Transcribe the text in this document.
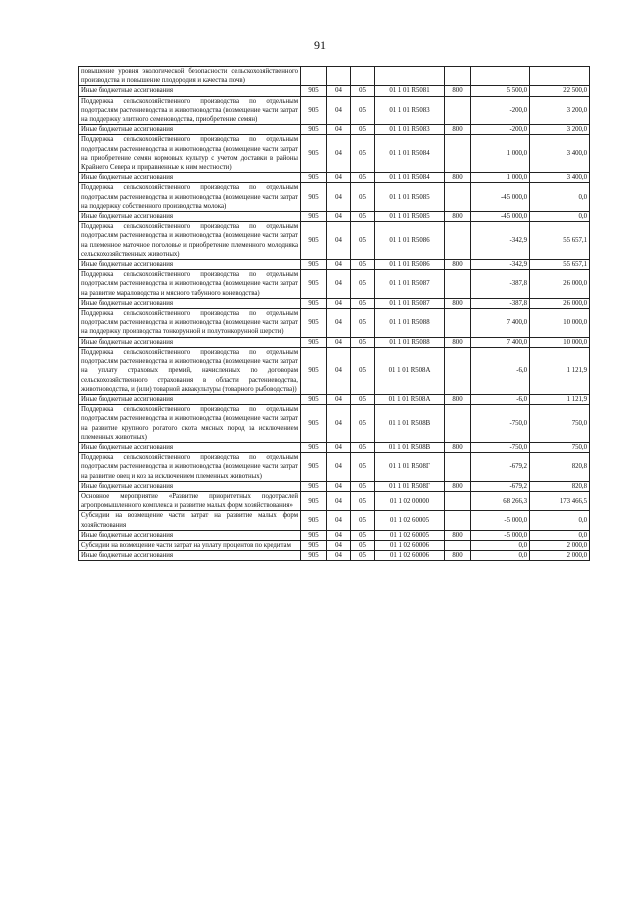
91
повышение уровня экологической безопасности сельскохозяйственного производства и повышение плодородия и качества почв)							
Иные бюджетные ассигнования	905	04	05	01 1 01 R5081	800	5 500,0	22 500,0
Поддержка сельскохозяйственного производства по отдельным подотраслям растениеводства и животноводства (возмещение части затрат на поддержку элитного семеноводства, приобретение семян)	905	04	05	01 1 01 R5083		-200,0	3 200,0
Иные бюджетные ассигнования	905	04	05	01 1 01 R5083	800	-200,0	3 200,0
Поддержка сельскохозяйственного производства по отдельным подотраслям растениеводства и животноводства (возмещение части затрат на приобретение семян кормовых культур с учетом доставки в районы Крайнего Севера и приравненные к ним местности)	905	04	05	01 1 01 R5084		1 000,0	3 400,0
Иные бюджетные ассигнования	905	04	05	01 1 01 R5084	800	1 000,0	3 400,0
Поддержка сельскохозяйственного производства по отдельным подотраслям растениеводства и животноводства (возмещение части затрат на поддержку собственного производства молока)	905	04	05	01 1 01 R5085		-45 000,0	0,0
Иные бюджетные ассигнования	905	04	05	01 1 01 R5085	800	-45 000,0	0,0
Поддержка сельскохозяйственного производства по отдельным подотраслям растениеводства и животноводства (возмещение части затрат на племенное маточное поголовье и приобретение племенного молодняка сельскохозяйственных животных)	905	04	05	01 1 01 R5086		-342,9	55 657,1
Иные бюджетные ассигнования	905	04	05	01 1 01 R5086	800	-342,9	55 657,1
Поддержка сельскохозяйственного производства по отдельным подотраслям растениеводства и животноводства (возмещение части затрат на развитие мараловодства и мясного табунного коневодства)	905	04	05	01 1 01 R5087		-387,8	26 000,0
Иные бюджетные ассигнования	905	04	05	01 1 01 R5087	800	-387,8	26 000,0
Поддержка сельскохозяйственного производства по отдельным подотраслям растениеводства и животноводства (возмещение части затрат на поддержку производства тонкорунной и полутонкорунной шерсти)	905	04	05	01 1 01 R5088		7 400,0	10 000,0
Иные бюджетные ассигнования	905	04	05	01 1 01 R5088	800	7 400,0	10 000,0
Поддержка сельскохозяйственного производства по отдельным подотраслям растениеводства и животноводства (возмещение части затрат на уплату страховых премий, начисленных по договорам сельскохозяйственного страхования в области растениеводства, животноводства, и (или) товарной аквакультуры (товарного рыбоводства))	905	04	05	01 1 01 R508A		-6,0	1 121,9
Иные бюджетные ассигнования	905	04	05	01 1 01 R508A	800	-6,0	1 121,9
Поддержка сельскохозяйственного производства по отдельным подотраслям растениеводства и животноводства (возмещение части затрат на развитие крупного рогатого скота мясных пород за исключением племенных животных)	905	04	05	01 1 01 R508B		-750,0	750,0
Иные бюджетные ассигнования	905	04	05	01 1 01 R508B	800	-750,0	750,0
Поддержка сельскохозяйственного производства по отдельным подотраслям растениеводства и животноводства (возмещение части затрат на развитие овец и коз за исключением племенных животных)	905	04	05	01 1 01 R508Г		-679,2	820,8
Иные бюджетные ассигнования	905	04	05	01 1 01 R508Г	800	-679,2	820,8
Основное мероприятие «Развитие приоритетных подотраслей агропромышленного комплекса и развитие малых форм хозяйствования»	905	04	05	01 1 02 00000		68 266,3	173 466,5
Субсидии на возмещение части затрат на развитие малых форм хозяйствования	905	04	05	01 1 02 60005		-5 000,0	0,0
Иные бюджетные ассигнования	905	04	05	01 1 02 60005	800	-5 000,0	0,0
Субсидии на возмещение части затрат на уплату процентов по кредитам	905	04	05	01 1 02 60006		0,0	2 000,0
Иные бюджетные ассигнования	905	04	05	01 1 02 60006	800	0,0	2 000,0
